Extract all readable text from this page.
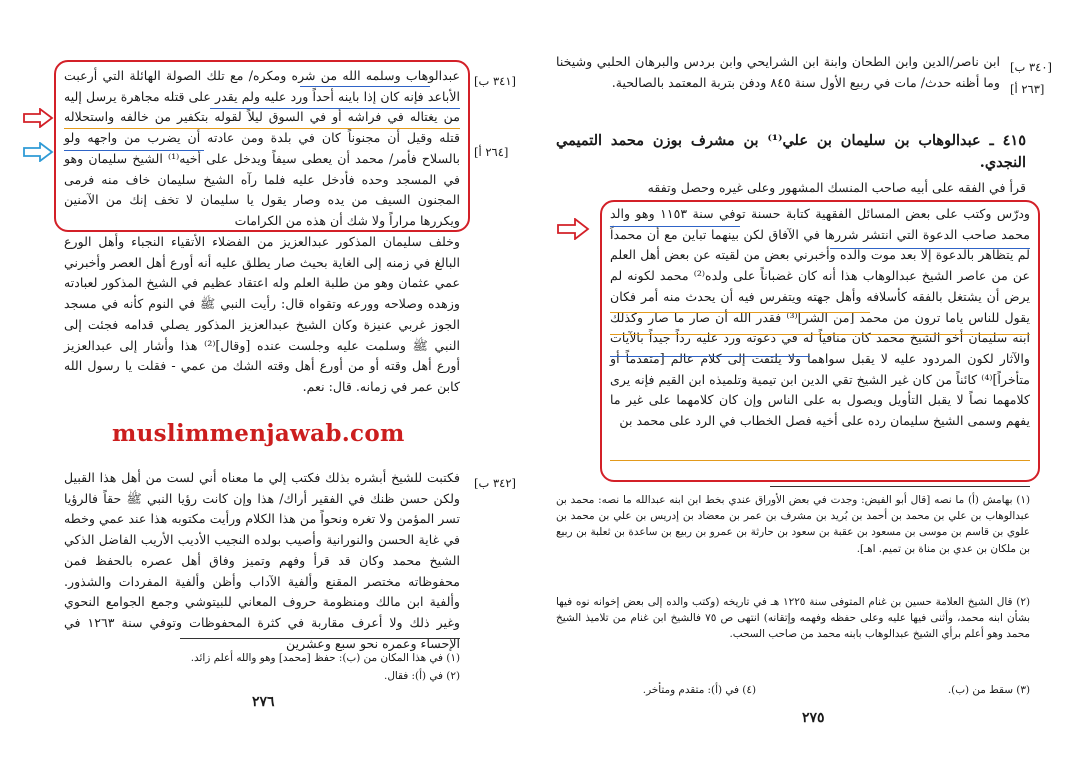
[٣٤١ ب]
[٢٦٤ أ]
[٣٤٢ ب]
عبدالوهاب وسلمه الله من شره ومكره/ مع تلك الصولة الهائلة التي أرعبت الأباعد فإنه كان إذا باينه أحداً ورد عليه ولم يقدر على قتله مجاهرة يرسل إليه من يغتاله في فراشه أو في السوق ليلاً لقوله بتكفير من خالفه واستحلاله قتله وقيل أن مجنوناً كان في بلدة ومن عادته أن يضرب من واجهه ولو بالسلاح فأمر/ محمد أن يعطى سيفاً ويدخل على أخيه⁽¹⁾ الشيخ سليمان وهو في المسجد وحده فأدخل عليه فلما رآه الشيخ سليمان خاف منه فرمى المجنون السيف من يده وصار يقول يا سليمان لا تخف إنك من الآمنين ويكررها مراراً ولا شك أن هذه من الكرامات
وخلف سليمان المذكور عبدالعزيز من الفضلاء الأتقياء النجباء وأهل الورع البالغ في زمنه إلى الغاية بحيث صار يطلق عليه أنه أورع أهل العصر وأخبرني عمي عثمان وهو من طلبة العلم وله اعتقاد عظيم في الشيخ المذكور لعبادته وزهده وصلاحه وورعه وتقواه قال: رأيت النبي ﷺ في النوم كأنه في مسجد الجوز غربي عنيزة وكان الشيخ عبدالعزيز المذكور يصلي قدامه فجئت إلى النبي ﷺ وسلمت عليه وجلست عنده [وقال]⁽²⁾ هذا وأشار إلى عبدالعزيز أورع أهل وقته أو من أورع أهل وقته الشك من عمي - فقلت يا رسول الله كابن عمر في زمانه. قال: نعم.
فكتبت للشيخ أبشره بذلك فكتب إلي ما معناه أني لست من أهل هذا القبيل ولكن حسن ظنك في الفقير أراك/ هذا وإن كانت رؤيا النبي ﷺ حقاً فالرؤيا تسر المؤمن ولا تغره ونحواً من هذا الكلام ورأيت مكتوبه هذا عند عمي وخطه في غاية الحسن والنورانية وأصيب بولده النجيب الأديب الأريب الفاضل الذكي الشيخ محمد وكان قد قرأ وفهم وتميز وفاق أهل عصره بالحفظ فمن محفوظاته مختصر المقنع وألفية الآداب وأظن وألفية المفردات والشذور. وألفية ابن مالك ومنظومة حروف المعاني للبيتوشي وجمع الجوامع النحوي وغير ذلك ولا أعرف مقاربة في كثرة المحفوظات وتوفي سنة ١٢٦٣ في الإحساء وعمره نحو سبع وعشرين
muslimmenjawab.com
(١) في هذا المكان من (ب): حفظ [محمد] وهو والله أعلم زائد.
(٢) في (أ): فقال.
٢٧٦
[٣٤٠ ب]
[٢٦٣ أ]
ابن ناصر/الدين وابن الطحان وابنة ابن الشرايحي وابن بردس والبرهان الحلبي وشيخنا وما أظنه حدث/ مات في ربيع الأول سنة ٨٤٥ ودفن بتربة المعتمد بالصالحية.
٤١٥ ـ عبدالوهاب بن سليمان بن علي⁽¹⁾ بن مشرف بوزن محمد التميمي النجدي.
قرأ في الفقه على أبيه صاحب المنسك المشهور وعلى غيره وحصل وتفقه
ودرّس وكتب على بعض المسائل الفقهية كتابة حسنة توفي سنة ١١٥٣ وهو والد محمد صاحب الدعوة التي انتشر شررها في الآفاق لكن بينهما تباين مع أن محمداً لم يتظاهر بالدعوة إلا بعد موت والده وأخبرني بعض من لقيته عن بعض أهل العلم عن من عاصر الشيخ عبدالوهاب هذا أنه كان غضباناً على ولده⁽²⁾ محمد لكونه لم يرض أن يشتغل بالفقه كأسلافه وأهل جهته ويتفرس فيه أن يحدث منه أمر فكان يقول للناس ياما ترون من محمد [من الشر]⁽³⁾ فقدر الله أن صار ما صار وكذلك ابنه سليمان أخو الشيخ محمد كان منافياً له في دعوته ورد عليه رداً جيداً بالآيات والآثار لكون المردود عليه لا يقبل سواهما ولا يلتفت إلى كلام عالم [متقدماً أو متأخراً]⁽⁴⁾ كائناً من كان غير الشيخ تقي الدين ابن تيمية وتلميذه ابن القيم فإنه يرى كلامهما نصاً لا يقبل التأويل ويصول به على الناس وإن كان كلامهما على غير ما يفهم وسمى الشيخ سليمان رده على أخيه فصل الخطاب في الرد على محمد بن
(١) بهامش (أ) ما نصه [قال أبو الفيض: وجدت في بعض الأوراق عندي بخط ابن ابنه عبدالله ما نصه: محمد بن عبدالوهاب بن علي بن محمد بن أحمد بن بُريد بن مشرف بن عمر بن معضاد بن إدريس بن علي بن محمد بن علوي بن قاسم بن موسى بن مسعود بن عقبة بن سعود بن حارثة بن عمرو بن ربيع بن ساعدة بن ثعلبة بن ربيع بن ملكان بن عدي بن مناة بن تميم. اهـ].
(٢) قال الشيخ العلامة حسين بن غنام المتوفى سنة ١٢٢٥ هـ في تاريخه (وكتب والده إلى بعض إخوانه نوه فيها بشأن ابنه محمد، وأثنى فيها عليه وعلى حفظه وفهمه وإتقانه) انتهى ص ٧٥ فالشيخ ابن غنام من تلاميذ الشيخ محمد وهو أعلم برأي الشيخ عبدالوهاب بابنه محمد من صاحب السحب.
(٣) سقط من (ب).
(٤) في (أ): متقدم ومتأخر.
٢٧٥
